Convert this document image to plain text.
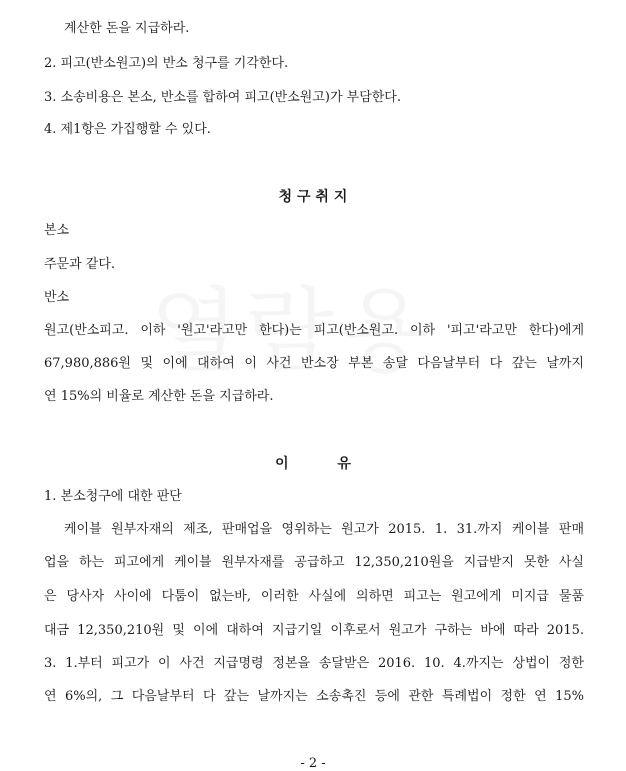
계산한 돈을 지급하라.
2. 피고(반소원고)의 반소 청구를 기각한다.
3. 소송비용은 본소, 반소를 합하여 피고(반소원고)가 부담한다.
4. 제1항은 가집행할 수 있다.
청 구 취 지
본소
주문과 같다.
반소
원고(반소피고. 이하 '원고'라고만 한다)는 피고(반소원고. 이하 '피고'라고만 한다)에게
67,980,886원 및 이에 대하여 이 사건 반소장 부본 송달 다음날부터 다 갚는 날까지
연 15%의 비율로 계산한 돈을 지급하라.
이          유
1. 본소청구에 대한 판단
케이블 원부자재의 제조, 판매업을 영위하는 원고가 2015. 1. 31.까지 케이블 판매
업을 하는 피고에게 케이블 원부자재를 공급하고 12,350,210원을 지급받지 못한 사실
은 당사자 사이에 다툼이 없는바, 이러한 사실에 의하면 피고는 원고에게 미지급 물품
대금 12,350,210원 및 이에 대하여 지급기일 이후로서 원고가 구하는 바에 따라 2015.
3. 1.부터 피고가 이 사건 지급명령 정본을 송달받은 2016. 10. 4.까지는 상법이 정한
연 6%의, 그 다음날부터 다 갚는 날까지는 소송촉진 등에 관한 특례법이 정한 연 15%
- 2 -
